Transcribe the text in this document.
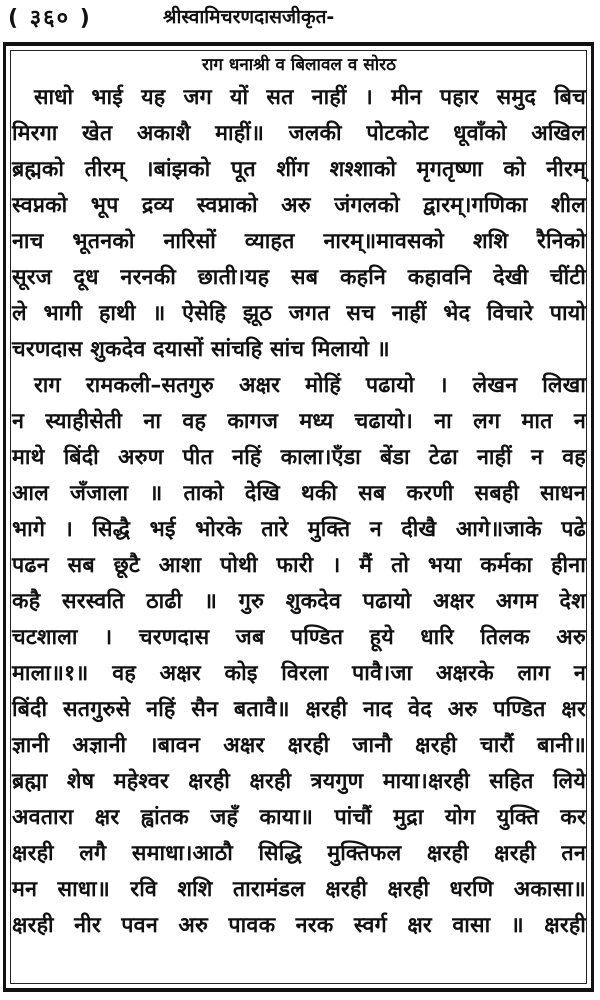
( ३६० )	श्रीस्वामिचरणदासजीकृत-
राग धनाश्री व बिलावल व सोरठ
साधो भाई यह जग यों सत नाहीं । मीन पहार समुद बिच
मिरगा खेत अकाशै माहीं॥ जलकी पोटकोट धूवाँको अखिल
ब्रह्मको तीरम् ।बांझको पूत शींग शश्शाको मृगतृष्णा को नीरम्
स्वप्नको भूप द्रव्य स्वप्नाको अरु जंगलको द्वारम्।गणिका शील
नाच भूतनको नारिसों व्याहत नारम्॥मावसको शशि रैनिको
सूरज दूध नरनकी छाती।यह सब कहनि कहावनि देखी चींटी
ले भागी हाथी ॥ ऐसेहि झूठ जगत सच नाहीं भेद विचारे पायो
चरणदास शुकदेव दयासों सांचहि सांच मिलायो ॥
राग रामकली–सतगुरु अक्षर मोहिं पढायो । लेखन लिखा
न स्याहीसेती ना वह कागज मध्य चढायो। ना लग मात न
माथे बिंदी अरुण पीत नहिं काला।एँडा बेंडा टेढा नाहीं न वह
आल जँजाला ॥ ताको देखि थकी सब करणी सबही साधन
भागे । सिद्धै भई भोरके तारे मुक्ति न दीखै आगे॥जाके पढे
पढन सब छूटै आशा पोथी फारी । मैं तो भया कर्मका हीना
कहै सरस्वति ठाढी ॥ गुरु शुकदेव पढायो अक्षर अगम देश
चटशाला । चरणदास जब पण्डित हूये धारि तिलक अरु
माला॥१॥ वह अक्षर कोइ विरला पावै।जा अक्षरके लाग न
बिंदी सतगुरुसे नहिं सैन बतावै॥ क्षरही नाद वेद अरु पण्डित क्षर
ज्ञानी अज्ञानी ।बावन अक्षर क्षरही जानौ क्षरही चारौं बानी॥
ब्रह्मा शेष महेश्वर क्षरही क्षरही त्रयगुण माया।क्षरही सहित लिये
अवतारा क्षर ह्वांतक जहँ काया॥ पांचौं मुद्रा योग युक्ति कर
क्षरही लगै समाधा।आठौ सिद्धि मुक्तिफल क्षरही क्षरही तन
मन साधा॥ रवि शशि तारामंडल क्षरही क्षरही धरणि अकासा॥
क्षरही नीर पवन अरु पावक नरक स्वर्ग क्षर वासा ॥ क्षरही
